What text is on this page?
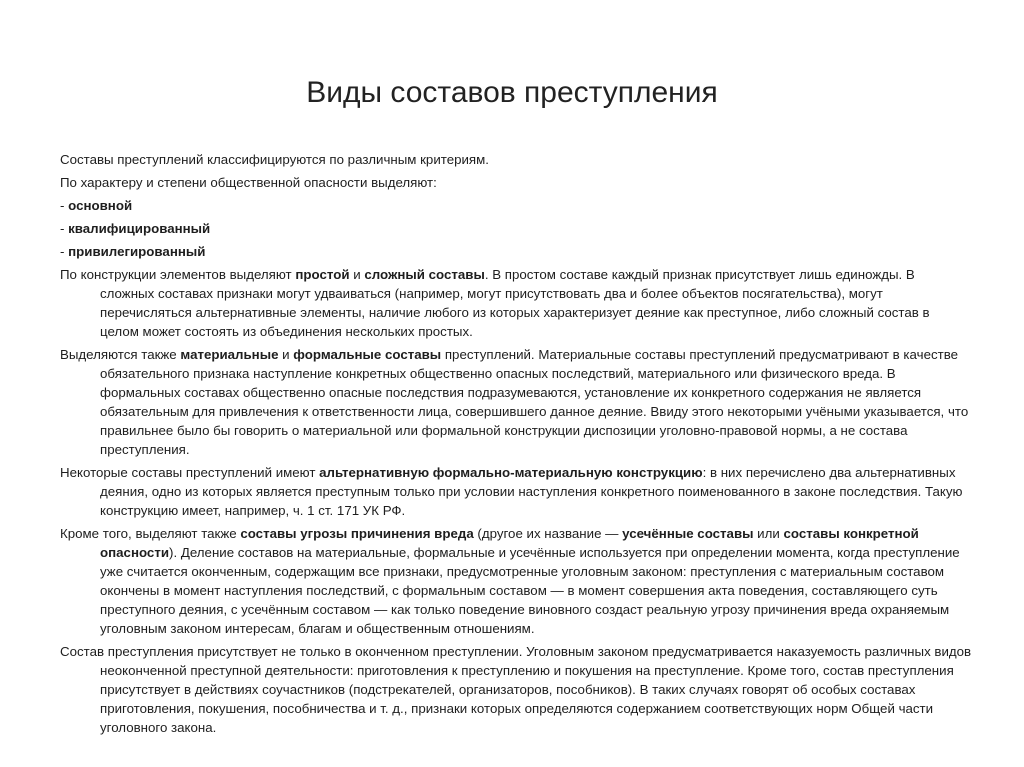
Виды составов преступления

Составы преступлений классифицируются по различным критериям.

По характеру и степени общественной опасности выделяют:

- основной

- квалифицированный

- привилегированный

По конструкции элементов выделяют простой и сложный составы. В простом составе каждый признак присутствует лишь единожды. В сложных составах признаки могут удваиваться (например, могут присутствовать два и более объектов посягательства), могут перечисляться альтернативные элементы, наличие любого из которых характеризует деяние как преступное, либо сложный состав в целом может состоять из объединения нескольких простых.

Выделяются также материальные и формальные составы преступлений. Материальные составы преступлений предусматривают в качестве обязательного признака наступление конкретных общественно опасных последствий, материального или физического вреда. В формальных составах общественно опасные последствия подразумеваются, установление их конкретного содержания не является обязательным для привлечения к ответственности лица, совершившего данное деяние. Ввиду этого некоторыми учёными указывается, что правильнее было бы говорить о материальной или формальной конструкции диспозиции уголовно-правовой нормы, а не состава преступления.

Некоторые составы преступлений имеют альтернативную формально-материальную конструкцию: в них перечислено два альтернативных деяния, одно из которых является преступным только при условии наступления конкретного поименованного в законе последствия. Такую конструкцию имеет, например, ч. 1 ст. 171 УК РФ.

Кроме того, выделяют также составы угрозы причинения вреда (другое их название — усечённые составы или составы конкретной опасности). Деление составов на материальные, формальные и усечённые используется при определении момента, когда преступление уже считается оконченным, содержащим все признаки, предусмотренные уголовным законом: преступления с материальным составом окончены в момент наступления последствий, с формальным составом — в момент совершения акта поведения, составляющего суть преступного деяния, с усечённым составом — как только поведение виновного создаст реальную угрозу причинения вреда охраняемым уголовным законом интересам, благам и общественным отношениям.

Состав преступления присутствует не только в оконченном преступлении. Уголовным законом предусматривается наказуемость различных видов неоконченной преступной деятельности: приготовления к преступлению и покушения на преступление. Кроме того, состав преступления присутствует в действиях соучастников (подстрекателей, организаторов, пособников). В таких случаях говорят об особых составах приготовления, покушения, пособничества и т. д., признаки которых определяются содержанием соответствующих норм Общей части уголовного закона.
